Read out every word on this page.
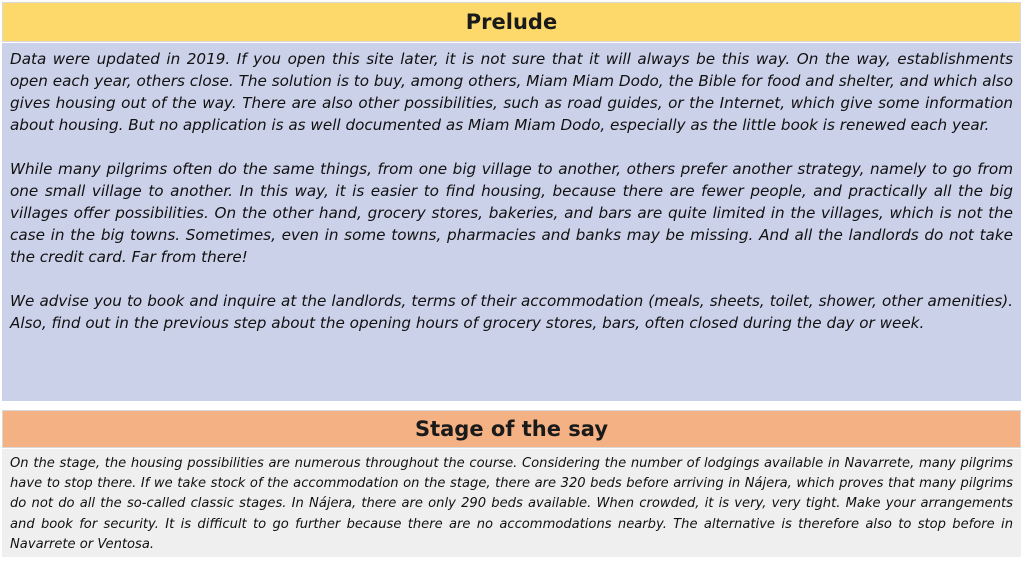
Prelude

Data were updated in 2019. If you open this site later, it is not sure that it will always be this way. On the way, establishments open each year, others close. The solution is to buy, among others, Miam Miam Dodo, the Bible for food and shelter, and which also gives housing out of the way. There are also other possibilities, such as road guides, or the Internet, which give some information about housing. But no application is as well documented as Miam Miam Dodo, especially as the little book is renewed each year.

While many pilgrims often do the same things, from one big village to another, others prefer another strategy, namely to go from one small village to another. In this way, it is easier to find housing, because there are fewer people, and practically all the big villages offer possibilities. On the other hand, grocery stores, bakeries, and bars are quite limited in the villages, which is not the case in the big towns. Sometimes, even in some towns, pharmacies and banks may be missing. And all the landlords do not take the credit card. Far from there!

We advise you to book and inquire at the landlords, terms of their accommodation (meals, sheets, toilet, shower, other amenities). Also, find out in the previous step about the opening hours of grocery stores, bars, often closed during the day or week.

Stage of the say

On the stage, the housing possibilities are numerous throughout the course. Considering the number of lodgings available in Navarrete, many pilgrims have to stop there. If we take stock of the accommodation on the stage, there are 320 beds before arriving in Nájera, which proves that many pilgrims do not do all the so-called classic stages. In Nájera, there are only 290 beds available. When crowded, it is very, very tight. Make your arrangements and book for security. It is difficult to go further because there are no accommodations nearby. The alternative is therefore also to stop before in Navarrete or Ventosa.
